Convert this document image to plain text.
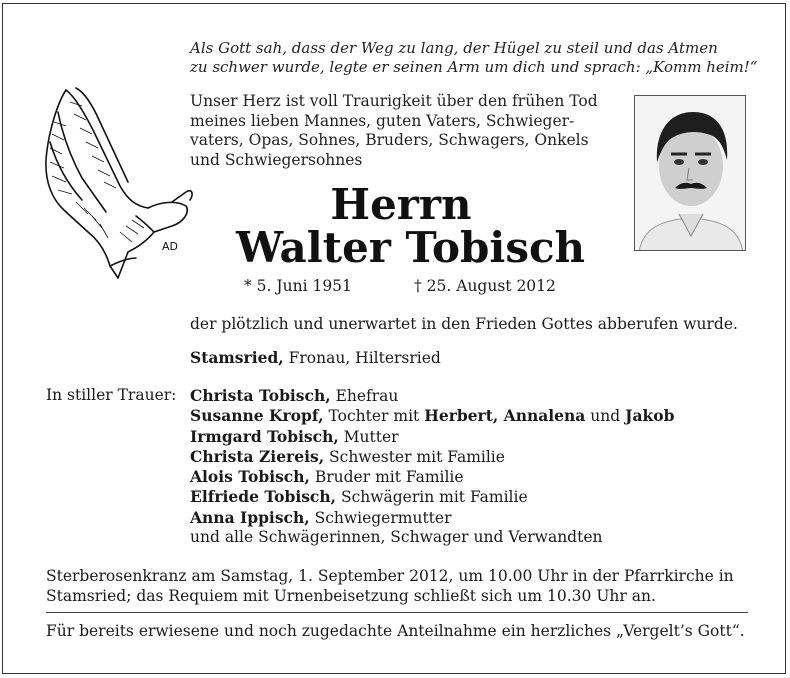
Als Gott sah, dass der Weg zu lang, der Hügel zu steil und das Atmen
zu schwer wurde, legte er seinen Arm um dich und sprach: „Komm heim!“
AD
Unser Herz ist voll Traurigkeit über den frühen Tod
meines lieben Mannes, guten Vaters, Schwieger-
vaters, Opas, Sohnes, Bruders, Schwagers, Onkels
und Schwiegersohnes
Herrn
Walter Tobisch
* 5. Juni 1951	† 25. August 2012
der plötzlich und unerwartet in den Frieden Gottes abberufen wurde.
Stamsried, Fronau, Hiltersried
In stiller Trauer: Christa Tobisch, Ehefrau
Susanne Kropf, Tochter mit Herbert, Annalena und Jakob
Irmgard Tobisch, Mutter
Christa Ziereis, Schwester mit Familie
Alois Tobisch, Bruder mit Familie
Elfriede Tobisch, Schwägerin mit Familie
Anna Ippisch, Schwiegermutter
und alle Schwägerinnen, Schwager und Verwandten
Sterberosenkranz am Samstag, 1. September 2012, um 10.00 Uhr in der Pfarrkirche in
Stamsried; das Requiem mit Urnenbeisetzung schließt sich um 10.30 Uhr an.
Für bereits erwiesene und noch zugedachte Anteilnahme ein herzliches „Vergelt’s Gott“.
